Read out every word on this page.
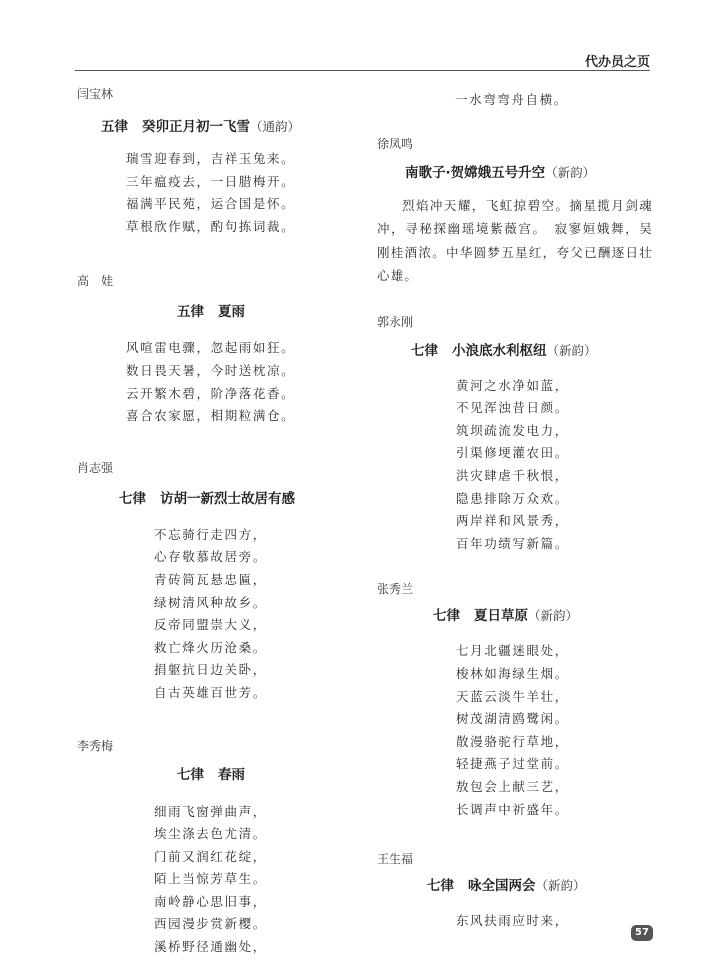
代办员之页
闫宝林
五律 癸卯正月初一飞雪（通韵）
瑞雪迎春到，吉祥玉兔来。
三年瘟疫去，一日腊梅开。
福满平民苑，运合国是怀。
草根欣作赋，酌句拣词裁。
高　娃
五律 夏雨
风喧雷电骤，忽起雨如狂。
数日畏天暑，今时送枕凉。
云开繁木碧，阶净落花香。
喜合农家愿，相期粒满仓。
肖志强
七律 访胡一新烈士故居有感
不忘骑行走四方，
心存敬慕故居旁。
青砖简瓦悬忠匾，
绿树清风种故乡。
反帝同盟崇大义，
救亡烽火历沧桑。
捐躯抗日边关卧，
自古英雄百世芳。
李秀梅
七律 春雨
细雨飞窗弹曲声，
埃尘涤去色尤清。
门前又润红花绽，
陌上当惊芳草生。
南岭静心思旧事，
西园漫步赏新樱。
溪桥野径通幽处，
一水弯弯舟自横。
徐凤鸣
南歌子·贺嫦娥五号升空（新韵）
烈焰冲天耀，飞虹掠碧空。摘星揽月剑魂冲，寻秘探幽瑶境紫薇宫。　寂寥姮娥舞，吴刚桂酒浓。中华圆梦五星红，夸父已酬逐日壮心雄。
郭永刚
七律 小浪底水利枢纽（新韵）
黄河之水净如蓝，
不见浑浊昔日颜。
筑坝疏流发电力，
引渠修埂灌农田。
洪灾肆虐千秋恨，
隐患排除万众欢。
两岸祥和风景秀，
百年功绩写新篇。
张秀兰
七律 夏日草原（新韵）
七月北疆迷眼处，
梭林如海绿生烟。
天蓝云淡牛羊壮，
树茂湖清鸥鹭闲。
散漫骆驼行草地，
轻捷燕子过堂前。
敖包会上献三艺，
长调声中祈盛年。
王生福
七律 咏全国两会（新韵）
东风扶雨应时来，
57
